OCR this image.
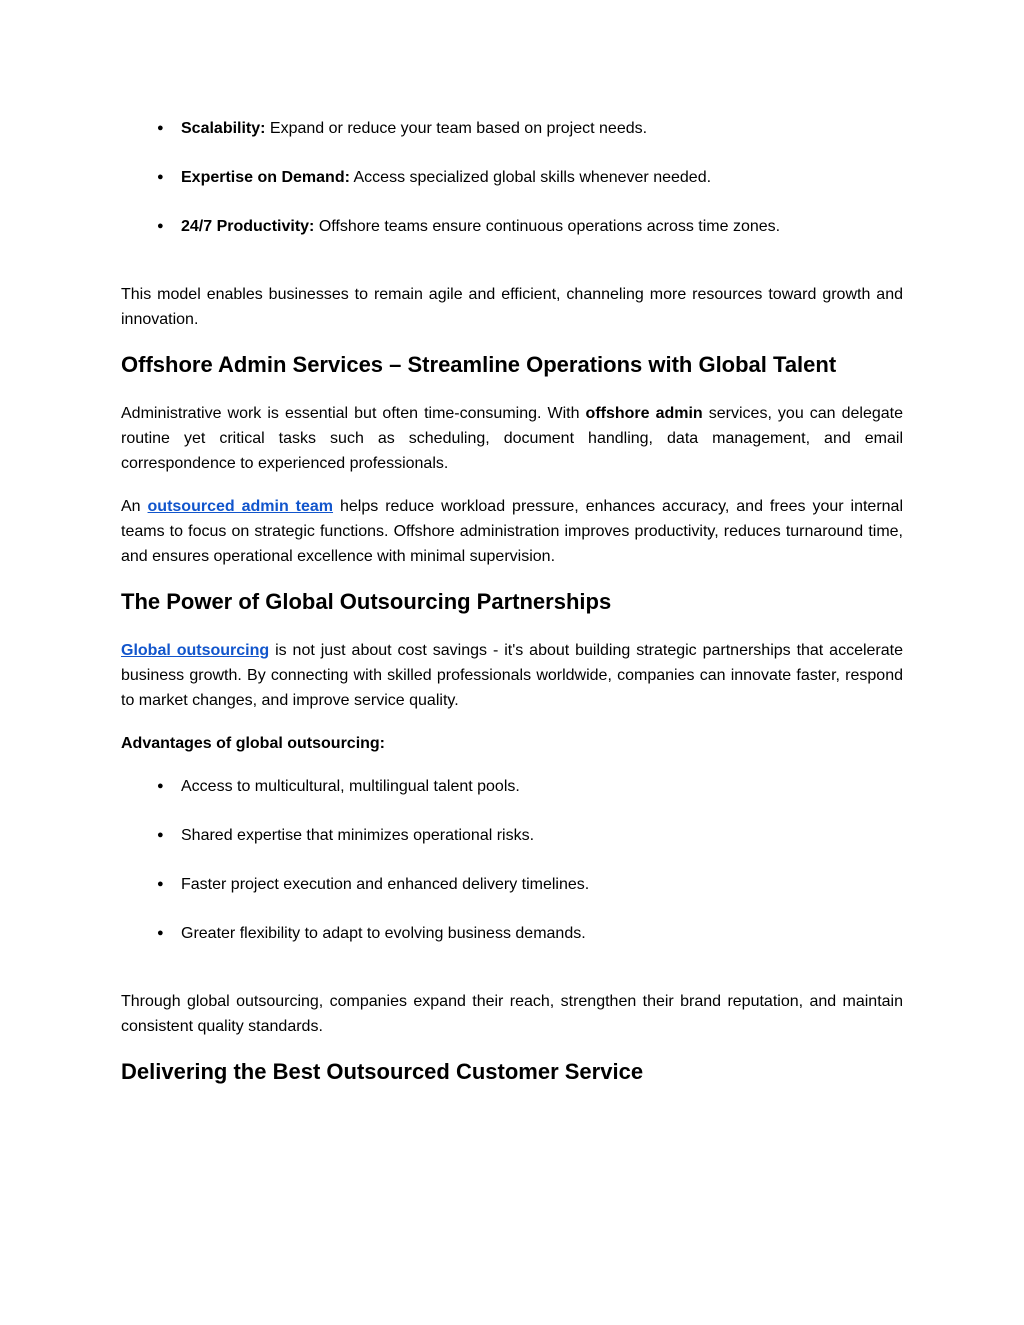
● Scalability: Expand or reduce your team based on project needs.
● Expertise on Demand: Access specialized global skills whenever needed.
● 24/7 Productivity: Offshore teams ensure continuous operations across time zones.

This model enables businesses to remain agile and efficient, channeling more resources toward growth and innovation.

Offshore Admin Services – Streamline Operations with Global Talent

Administrative work is essential but often time-consuming. With offshore admin services, you can delegate routine yet critical tasks such as scheduling, document handling, data management, and email correspondence to experienced professionals.

An outsourced admin team helps reduce workload pressure, enhances accuracy, and frees your internal teams to focus on strategic functions. Offshore administration improves productivity, reduces turnaround time, and ensures operational excellence with minimal supervision.

The Power of Global Outsourcing Partnerships

Global outsourcing is not just about cost savings - it's about building strategic partnerships that accelerate business growth. By connecting with skilled professionals worldwide, companies can innovate faster, respond to market changes, and improve service quality.

Advantages of global outsourcing:

● Access to multicultural, multilingual talent pools.
● Shared expertise that minimizes operational risks.
● Faster project execution and enhanced delivery timelines.
● Greater flexibility to adapt to evolving business demands.

Through global outsourcing, companies expand their reach, strengthen their brand reputation, and maintain consistent quality standards.

Delivering the Best Outsourced Customer Service
